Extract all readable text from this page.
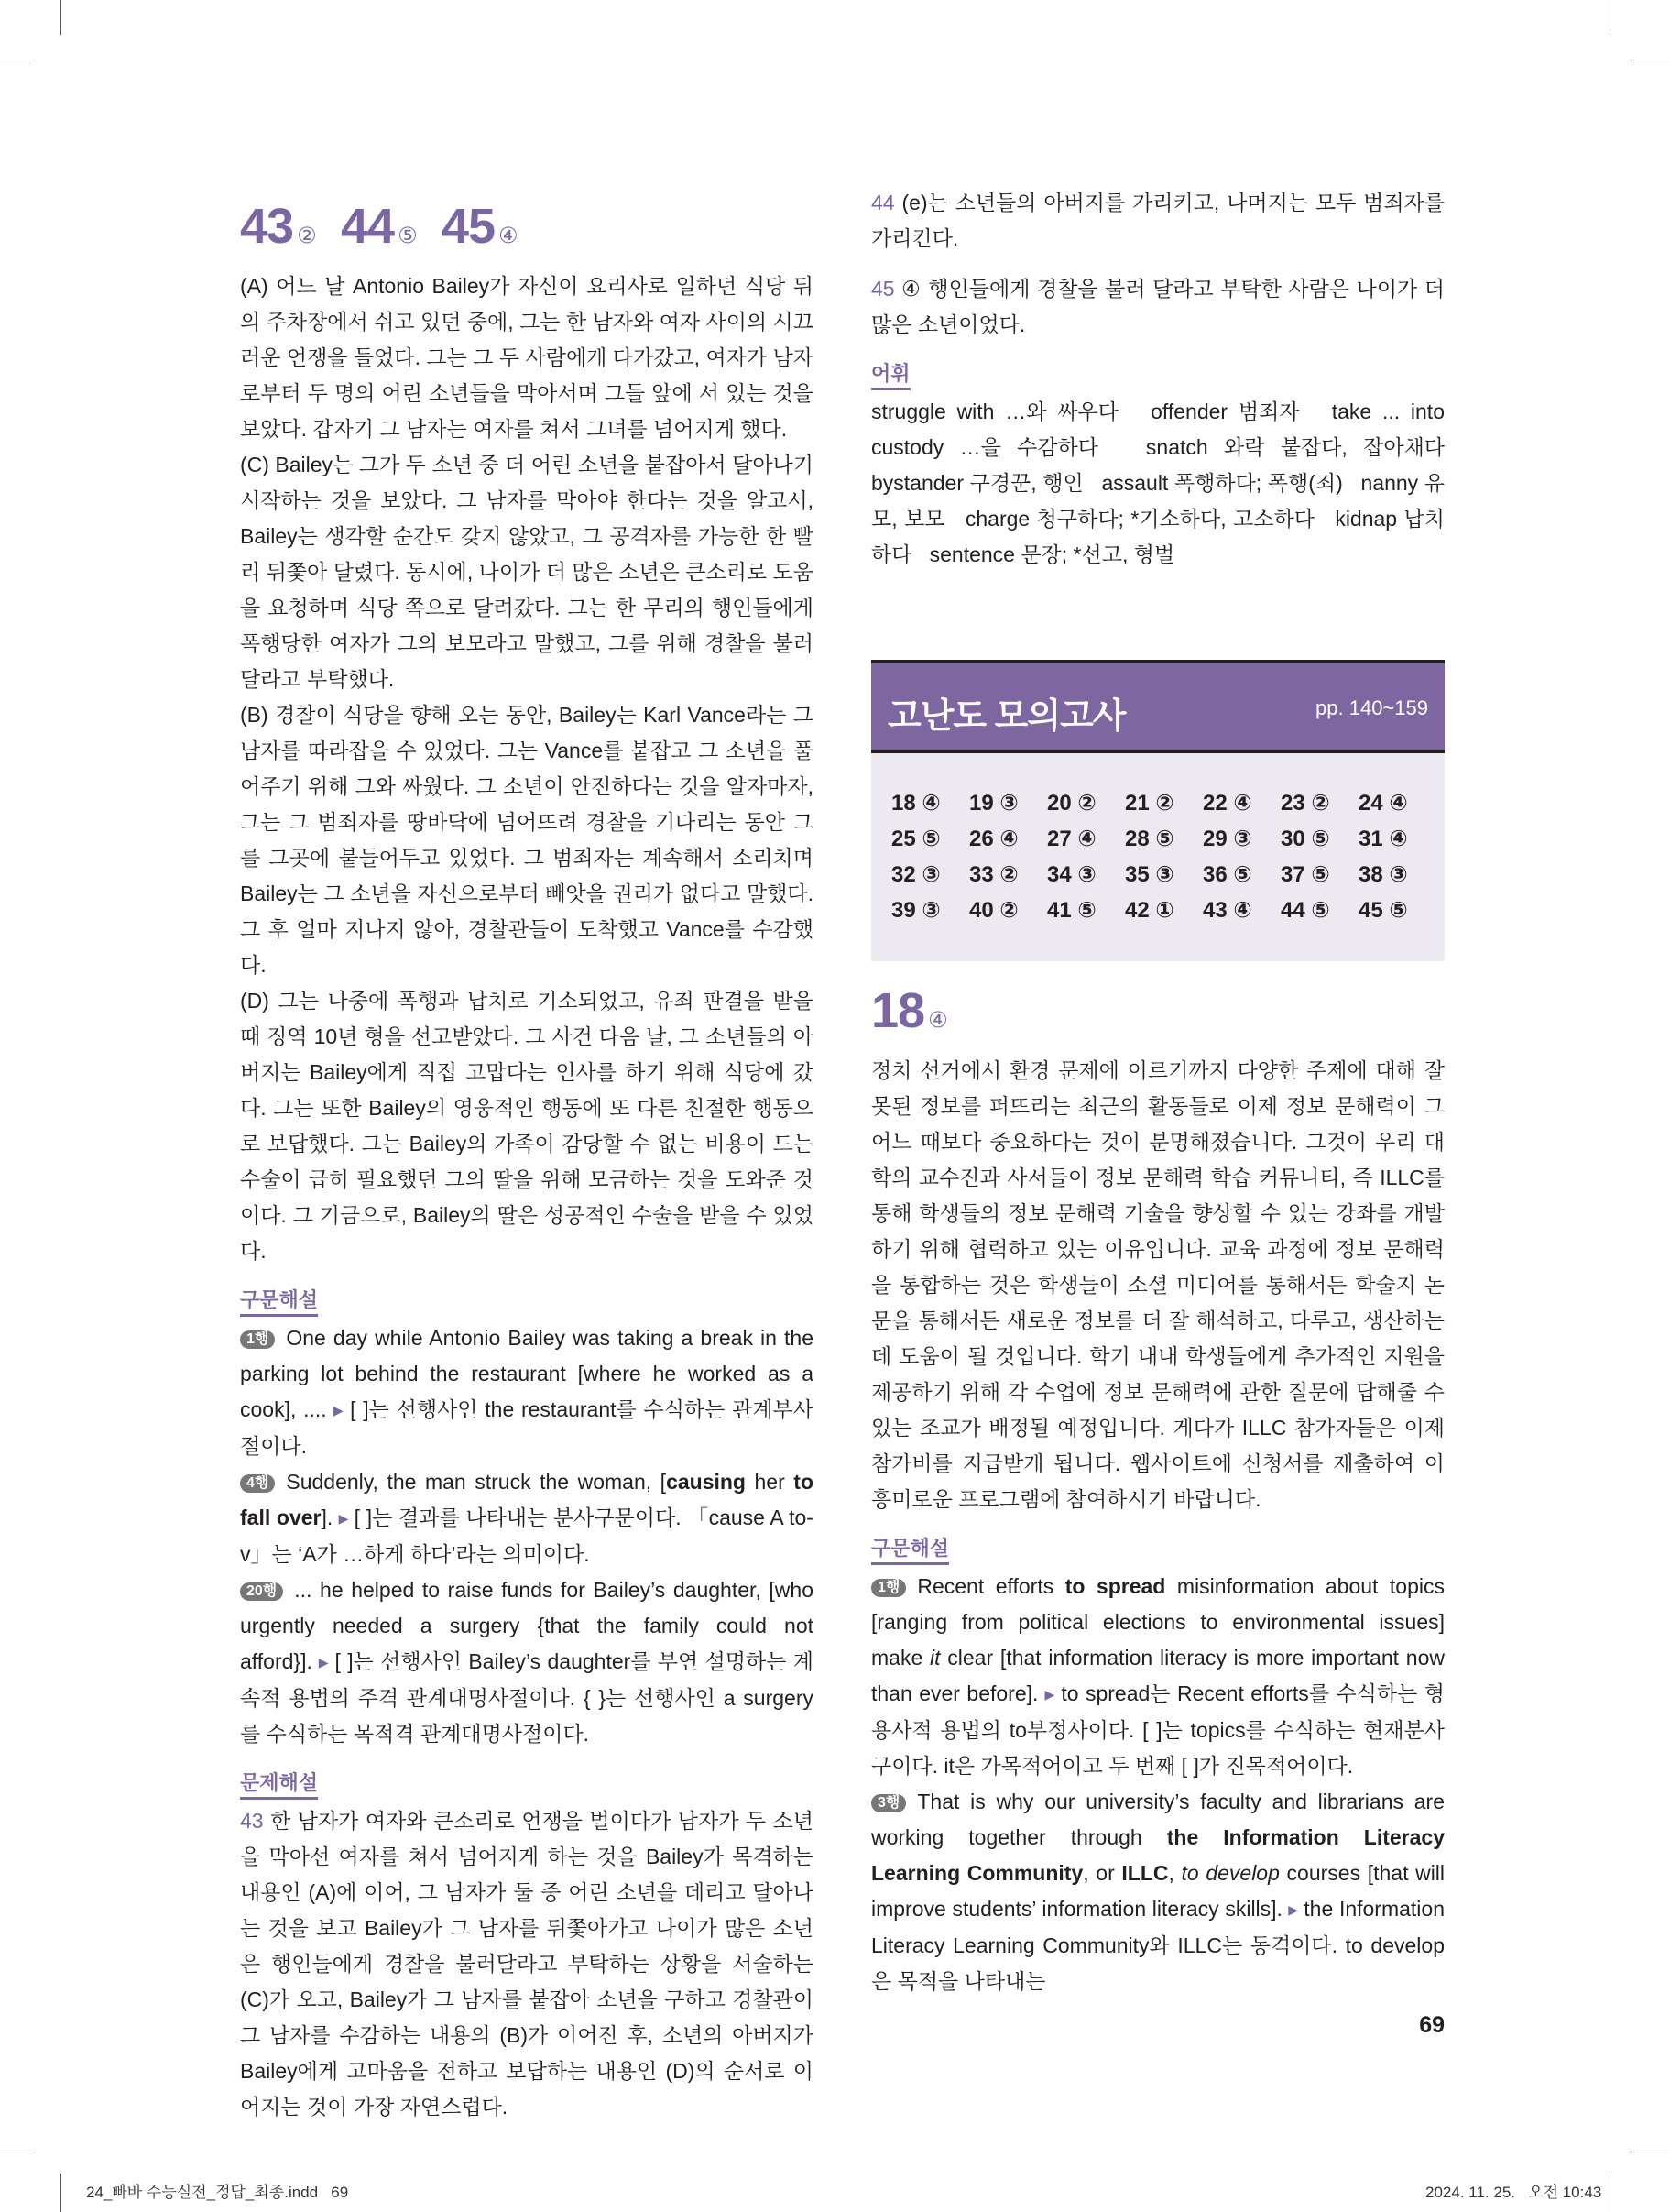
43 ② 44 ⑤ 45 ④

(A) 어느 날 Antonio Bailey가 자신이 요리사로 일하던 식당 뒤의 주차장에서 쉬고 있던 중에, 그는 한 남자와 여자 사이의 시끄러운 언쟁을 들었다. 그는 그 두 사람에게 다가갔고, 여자가 남자로부터 두 명의 어린 소년들을 막아서며 그들 앞에 서 있는 것을 보았다. 갑자기 그 남자는 여자를 쳐서 그녀를 넘어지게 했다.

(C) Bailey는 그가 두 소년 중 더 어린 소년을 붙잡아서 달아나기 시작하는 것을 보았다. 그 남자를 막아야 한다는 것을 알고서, Bailey는 생각할 순간도 갖지 않았고, 그 공격자를 가능한 한 빨리 뒤쫓아 달렸다. 동시에, 나이가 더 많은 소년은 큰소리로 도움을 요청하며 식당 쪽으로 달려갔다. 그는 한 무리의 행인들에게 폭행당한 여자가 그의 보모라고 말했고, 그를 위해 경찰을 불러달라고 부탁했다.

(B) 경찰이 식당을 향해 오는 동안, Bailey는 Karl Vance라는 그 남자를 따라잡을 수 있었다. 그는 Vance를 붙잡고 그 소년을 풀어주기 위해 그와 싸웠다. 그 소년이 안전하다는 것을 알자마자, 그는 그 범죄자를 땅바닥에 넘어뜨려 경찰을 기다리는 동안 그를 그곳에 붙들어두고 있었다. 그 범죄자는 계속해서 소리치며 Bailey는 그 소년을 자신으로부터 빼앗을 권리가 없다고 말했다. 그 후 얼마 지나지 않아, 경찰관들이 도착했고 Vance를 수감했다.

(D) 그는 나중에 폭행과 납치로 기소되었고, 유죄 판결을 받을 때 징역 10년 형을 선고받았다. 그 사건 다음 날, 그 소년들의 아버지는 Bailey에게 직접 고맙다는 인사를 하기 위해 식당에 갔다. 그는 또한 Bailey의 영웅적인 행동에 또 다른 친절한 행동으로 보답했다. 그는 Bailey의 가족이 감당할 수 없는 비용이 드는 수술이 급히 필요했던 그의 딸을 위해 모금하는 것을 도와준 것이다. 그 기금으로, Bailey의 딸은 성공적인 수술을 받을 수 있었다.

구문해설

1행 One day while Antonio Bailey was taking a break in the parking lot behind the restaurant [where he worked as a cook], .... ▶ [ ]는 선행사인 the restaurant를 수식하는 관계부사절이다.

4행 Suddenly, the man struck the woman, [causing her to fall over]. ▶ [ ]는 결과를 나타내는 분사구문이다. 「cause A to-v」는 ‘A가 …하게 하다’라는 의미이다.

20행 ... he helped to raise funds for Bailey’s daughter, [who urgently needed a surgery {that the family could not afford}]. ▶ [ ]는 선행사인 Bailey’s daughter를 부연 설명하는 계속적 용법의 주격 관계대명사절이다. { }는 선행사인 a surgery를 수식하는 목적격 관계대명사절이다.

문제해설

43 한 남자가 여자와 큰소리로 언쟁을 벌이다가 남자가 두 소년을 막아선 여자를 쳐서 넘어지게 하는 것을 Bailey가 목격하는 내용인 (A)에 이어, 그 남자가 둘 중 어린 소년을 데리고 달아나는 것을 보고 Bailey가 그 남자를 뒤쫓아가고 나이가 많은 소년은 행인들에게 경찰을 불러달라고 부탁하는 상황을 서술하는 (C)가 오고, Bailey가 그 남자를 붙잡아 소년을 구하고 경찰관이 그 남자를 수감하는 내용의 (B)가 이어진 후, 소년의 아버지가 Bailey에게 고마움을 전하고 보답하는 내용인 (D)의 순서로 이어지는 것이 가장 자연스럽다.

44 (e)는 소년들의 아버지를 가리키고, 나머지는 모두 범죄자를 가리킨다.

45 ④ 행인들에게 경찰을 불러 달라고 부탁한 사람은 나이가 더 많은 소년이었다.

어휘

struggle with …와 싸우다   offender 범죄자   take ... into custody …을 수감하다   snatch 와락 붙잡다, 잡아채다   bystander 구경꾼, 행인   assault 폭행하다; 폭행(죄)   nanny 유모, 보모   charge 청구하다; *기소하다, 고소하다   kidnap 납치하다   sentence 문장; *선고, 형벌

고난도 모의고사	pp. 140~159
18 ④	19 ③	20 ②	21 ②	22 ④	23 ②	24 ④
25 ⑤	26 ④	27 ④	28 ⑤	29 ③	30 ⑤	31 ④
32 ③	33 ②	34 ③	35 ③	36 ⑤	37 ⑤	38 ③
39 ③	40 ②	41 ⑤	42 ①	43 ④	44 ⑤	45 ⑤
18 ④

정치 선거에서 환경 문제에 이르기까지 다양한 주제에 대해 잘못된 정보를 퍼뜨리는 최근의 활동들로 이제 정보 문해력이 그 어느 때보다 중요하다는 것이 분명해졌습니다. 그것이 우리 대학의 교수진과 사서들이 정보 문해력 학습 커뮤니티, 즉 ILLC를 통해 학생들의 정보 문해력 기술을 향상할 수 있는 강좌를 개발하기 위해 협력하고 있는 이유입니다. 교육 과정에 정보 문해력을 통합하는 것은 학생들이 소셜 미디어를 통해서든 학술지 논문을 통해서든 새로운 정보를 더 잘 해석하고, 다루고, 생산하는 데 도움이 될 것입니다. 학기 내내 학생들에게 추가적인 지원을 제공하기 위해 각 수업에 정보 문해력에 관한 질문에 답해줄 수 있는 조교가 배정될 예정입니다. 게다가 ILLC 참가자들은 이제 참가비를 지급받게 됩니다. 웹사이트에 신청서를 제출하여 이 흥미로운 프로그램에 참여하시기 바랍니다.

구문해설

1행 Recent efforts to spread misinformation about topics [ranging from political elections to environmental issues] make it clear [that information literacy is more important now than ever before]. ▶ to spread는 Recent efforts를 수식하는 형용사적 용법의 to부정사이다. [ ]는 topics를 수식하는 현재분사구이다. it은 가목적어이고 두 번째 [ ]가 진목적어이다.

3행 That is why our university’s faculty and librarians are working together through the Information Literacy Learning Community, or ILLC, to develop courses [that will improve students’ information literacy skills]. ▶ the Information Literacy Learning Community와 ILLC는 동격이다. to develop은 목적을 나타내는

69
24_빠바 수능실전_정답_최종.indd   69	2024. 11. 25.   오전 10:43
